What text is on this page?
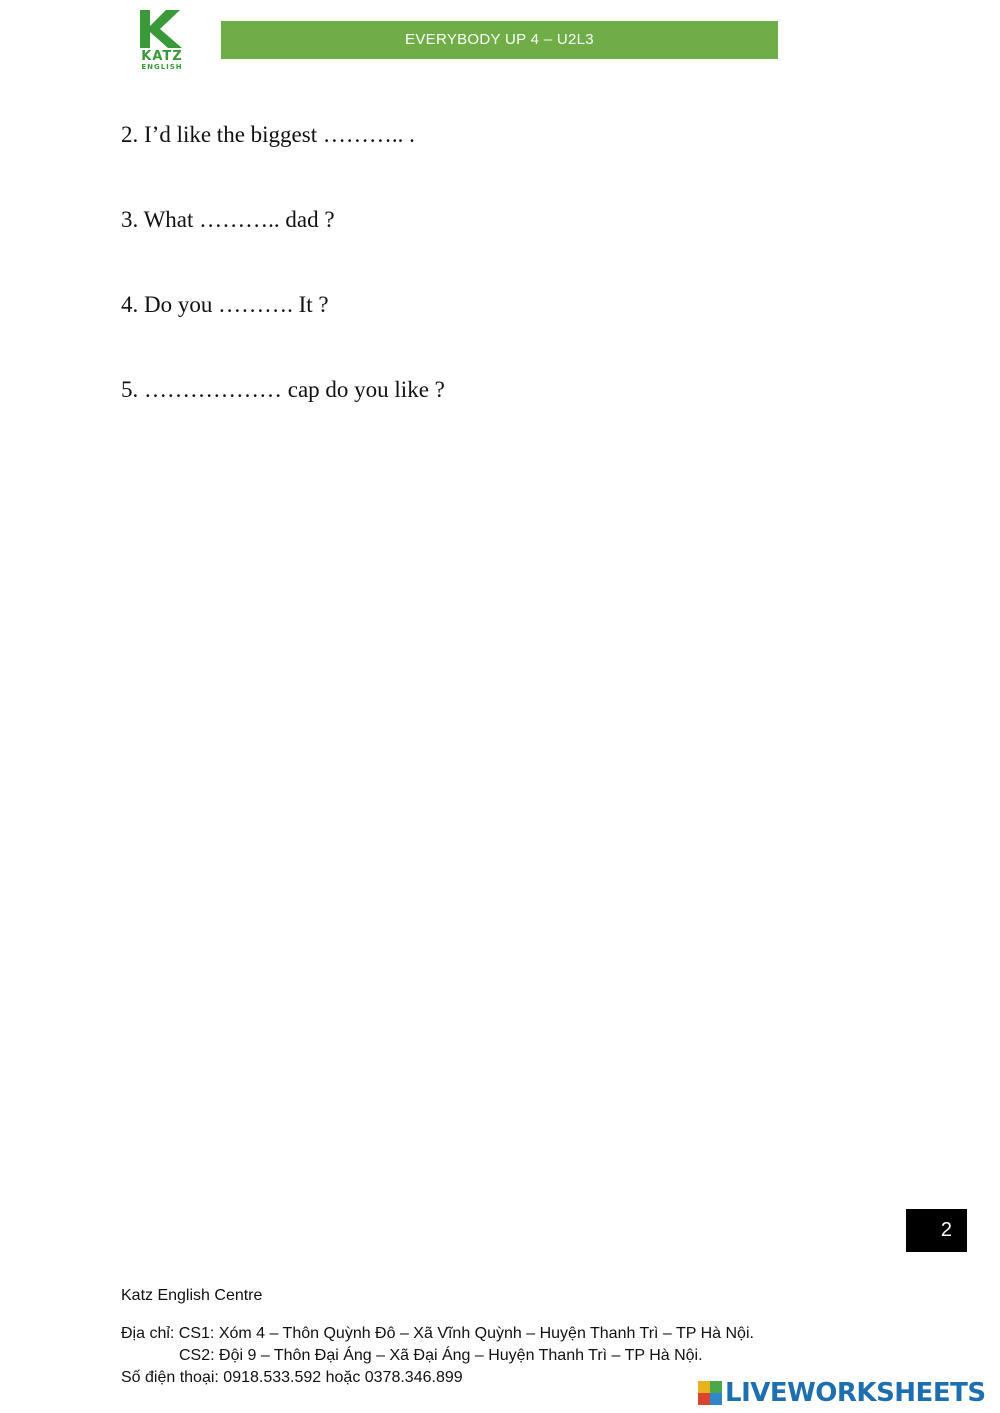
KATZ
ENGLISH
EVERYBODY UP 4 – U2L3
2. I’d like the biggest ……….. .
3. What ……….. dad ?
4. Do you ………. It ?
5. ……………… cap do you like ?
2
Katz English Centre
Địa chỉ: CS1: Xóm 4 – Thôn Quỳnh Đô – Xã Vĩnh Quỳnh – Huyện Thanh Trì – TP Hà Nội.
CS2: Đội 9 – Thôn Đại Áng – Xã Đại Áng – Huyện Thanh Trì – TP Hà Nội.
Số điện thoại: 0918.533.592 hoặc 0378.346.899
LIVEWORKSHEETS
